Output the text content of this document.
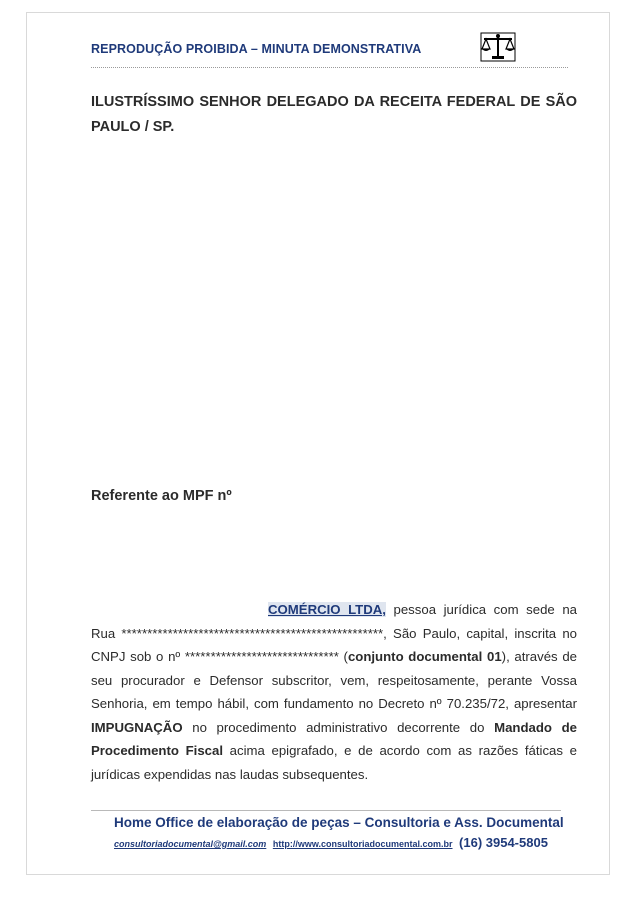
REPRODUÇÃO PROIBIDA – MINUTA DEMONSTRATIVA
ILUSTRÍSSIMO SENHOR DELEGADO DA RECEITA FEDERAL DE SÃO PAULO / SP.
Referente ao MPF nº
COMÉRCIO LTDA, pessoa jurídica com sede na Rua ***************************************************, São Paulo, capital, inscrita no CNPJ sob o nº ****************************** (conjunto documental 01), através de seu procurador e Defensor subscritor, vem, respeitosamente, perante Vossa Senhoria, em tempo hábil, com fundamento no Decreto nº 70.235/72, apresentar IMPUGNAÇÃO no procedimento administrativo decorrente do Mandado de Procedimento Fiscal acima epigrafado, e de acordo com as razões fáticas e jurídicas expendidas nas laudas subsequentes.
Home Office de elaboração de peças – Consultoria e Ass. Documental
consultoriadocumental@gmail.com http://www.consultoriadocumental.com.br (16) 3954-5805
